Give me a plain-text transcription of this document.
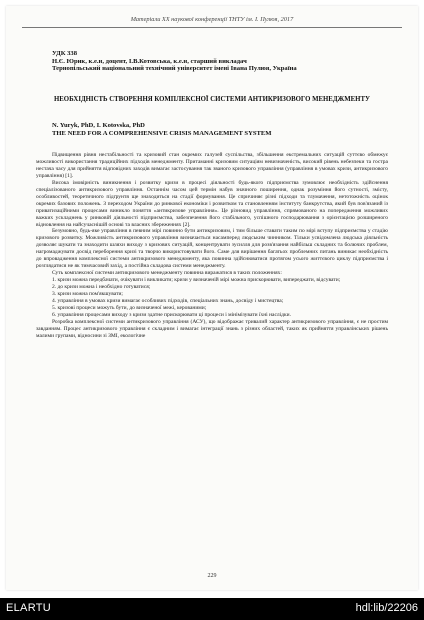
Матеріали XX наукової конференції ТНТУ ім. І. Пулюя, 2017
УДК 338
Н.Є. Юрик, к.е.н, доцент, І.В.Котовська, к.е.н, старший викладач
Тернопільський національний технічний університет імені Івана Пулюя, Україна
НЕОБХІДНІСТЬ СТВОРЕННЯ КОМПЛЕКСНОЇ СИСТЕМИ АНТИКРИЗОВОГО МЕНЕДЖМЕНТУ
N. Yuryk, PhD, I. Kotovska, PhD
THE NEED FOR A COMPREHENSIVE CRISIS MANAGEMENT SYSTEM

Підвищення рівня нестабільності та кризовий стан окремих галузей суспільства, збільшення екстремальних ситуацій суттєво обмежує можливості використання традиційних підходів менеджменту. Притаманні кризовим ситуаціям невизначеність, високий рівень небезпеки та гостра нестача часу для прийняття відповідних заходів вимагає застосування так званого кризового управління (управління в умовах кризи, антикризового управління) [1].

Висока імовірність виникнення і розвитку кризи в процесі діяльності будь-якого підприємства зумовлює необхідність здійснення спеціалізованого антикризового управління. Останнім часом цей термін набув значного поширення, однак розуміння його сутності, змісту, особливостей, теоретичного підґрунтя ще знаходиться на стадії формування. Це спричиняє різні підходи та тлумачення, нетотожність оцінок окремих базових положень. З переходом України до ринкової економіки і розвитком та становленням інституту банкрутства, який був пов'язаний із приватизаційними процесами виникло поняття «антикризове управління». Це різновид управління, спрямованого на попередження можливих важких ускладнень у ринковій діяльності підприємства, забезпечення його стабільного, успішного господарювання з орієнтацією розширеного відновлення на найсучаснішій основі та власних збереженнях [2].

Безумовно, будь-яке управління в певним мірі повинно бути антикризовим, і тим більше ставати таким по мірі вступу підприємства у стадію кризового розвитку. Можливість антикризового управління визначається насамперед людським чинником. Тільки усвідомлена людська діяльність дозволяє шукати та знаходити шляхи виходу з кризових ситуацій, концентрувати зусилля для розв'язання найбільш складних та болючих проблем, нагромаджувати досвід переборення кризі та творчо використовувати його. Саме для вирішення багатьох проблемних питань виникає необхідність до впровадження комплексної системи антикризового менеджменту, яка повинна здійснюватися протягом усього життєвого циклу підприємства і розглядатися не як тимчасовий захід, а постійна складова системи менеджменту.

Суть комплексної системи антикризового менеджменту повинна виражатися в таких положеннях:

1. кризи можна передбачати, очікувати і викликати; кризи у визначеній мірі можна прискорювати, випереджати, відсувати;
2. до кризи можна і необхідно готуватися;
3. кризи можна пом'якшувати;
4. управління в умовах кризи вимагає особливих підходів, спеціальних знань, досвіду і мистецтва;
5. кризові процеси можуть бути, до визначеної межі, керованими;
6. управління процесами виходу з кризи здатне прискорювати ці процеси і мінімізувати їхні наслідки.

Розробка комплексної системи антикризового управління (АСУ), що відображає тривалий характер антикризового управління, є не простим завданням. Процес антикризового управління є складним і вимагає інтеграції знань з різних областей, таких як прийняття управлінських рішень малими групами, відносини зі ЗМІ, екологічне

229
ELARTU	hdl:lib/22206
